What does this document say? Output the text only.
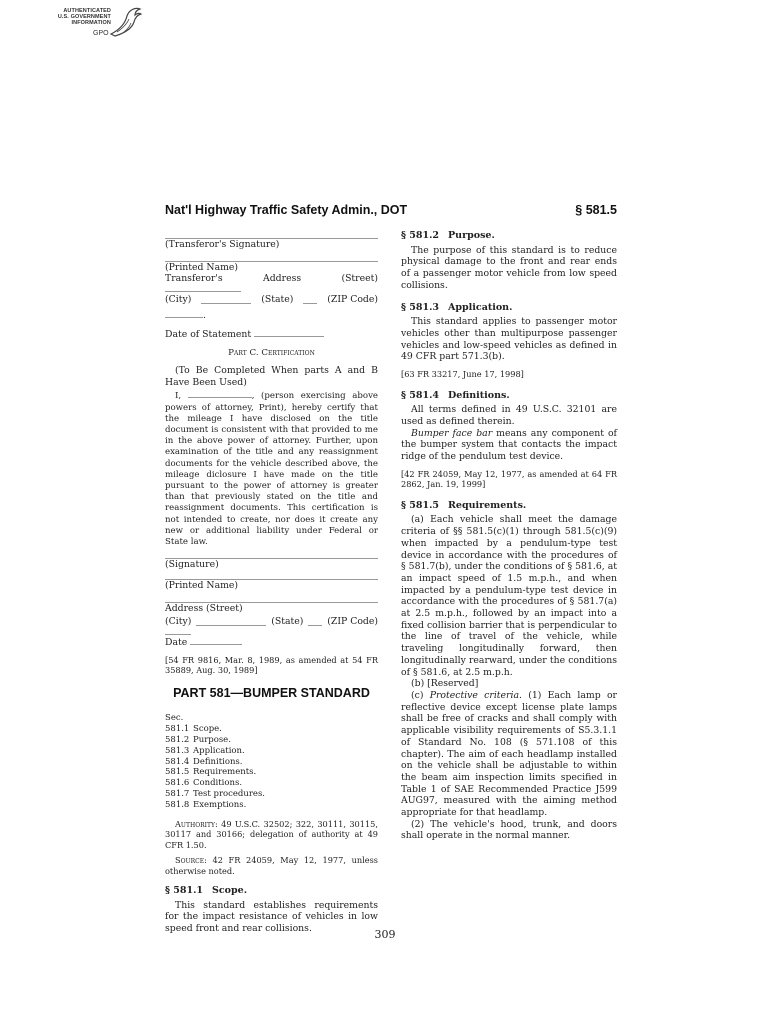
AUTHENTICATED
U.S. GOVERNMENT
INFORMATION
GPO
Nat'l Highway Traffic Safety Admin., DOT	§ 581.5

(Transferor's Signature)

(Printed Name)

Transferor's	Address	(Street)
(City)	(State)	(ZIP Code)
.
Date of Statement

Part C. Certification

(To Be Completed When parts A and B Have Been Used)

I,	, (person exercising above powers of attorney, Print), hereby certify that the mileage I have disclosed on the title document is consistent with that provided to me in the above power of attorney. Further, upon examination of the title and any reassignment documents for the vehicle described above, the mileage diclosure I have made on the title pursuant to the power of attorney is greater than that previously stated on the title and reassignment documents. This certification is not intended to create, nor does it create any new or additional liability under Federal or State law.

(Signature)

(Printed Name)

Address (Street)

(City)	(State)	(ZIP Code)
Date

[54 FR 9816, Mar. 8, 1989, as amended at 54 FR 35889, Aug. 30, 1989]

PART 581—BUMPER STANDARD
Sec.
581.1 Scope.
581.2 Purpose.
581.3 Application.
581.4 Definitions.
581.5 Requirements.
581.6 Conditions.
581.7 Test procedures.
581.8 Exemptions.

Authority: 49 U.S.C. 32502; 322, 30111, 30115, 30117 and 30166; delegation of authority at 49 CFR 1.50.

Source: 42 FR 24059, May 12, 1977, unless otherwise noted.

§ 581.1 Scope.

This standard establishes requirements for the impact resistance of vehicles in low speed front and rear collisions.

§ 581.2 Purpose.

The purpose of this standard is to reduce physical damage to the front and rear ends of a passenger motor vehicle from low speed collisions.

§ 581.3 Application.

This standard applies to passenger motor vehicles other than multipurpose passenger vehicles and low-speed vehicles as defined in 49 CFR part 571.3(b).

[63 FR 33217, June 17, 1998]

§ 581.4 Definitions.

All terms defined in 49 U.S.C. 32101 are used as defined therein.

Bumper face bar means any component of the bumper system that contacts the impact ridge of the pendulum test device.

[42 FR 24059, May 12, 1977, as amended at 64 FR 2862, Jan. 19, 1999]

§ 581.5 Requirements.

(a) Each vehicle shall meet the damage criteria of §§ 581.5(c)(1) through 581.5(c)(9) when impacted by a pendulum-type test device in accordance with the procedures of § 581.7(b), under the conditions of § 581.6, at an impact speed of 1.5 m.p.h., and when impacted by a pendulum-type test device in accordance with the procedures of § 581.7(a) at 2.5 m.p.h., followed by an impact into a fixed collision barrier that is perpendicular to the line of travel of the vehicle, while traveling longitudinally forward, then longitudinally rearward, under the conditions of § 581.6, at 2.5 m.p.h.

(b) [Reserved]

(c) Protective criteria. (1) Each lamp or reflective device except license plate lamps shall be free of cracks and shall comply with applicable visibility requirements of S5.3.1.1 of Standard No. 108 (§ 571.108 of this chapter). The aim of each headlamp installed on the vehicle shall be adjustable to within the beam aim inspection limits specified in Table 1 of SAE Recommended Practice J599 AUG97, measured with the aiming method appropriate for that headlamp.

(2) The vehicle's hood, trunk, and doors shall operate in the normal manner.

309
